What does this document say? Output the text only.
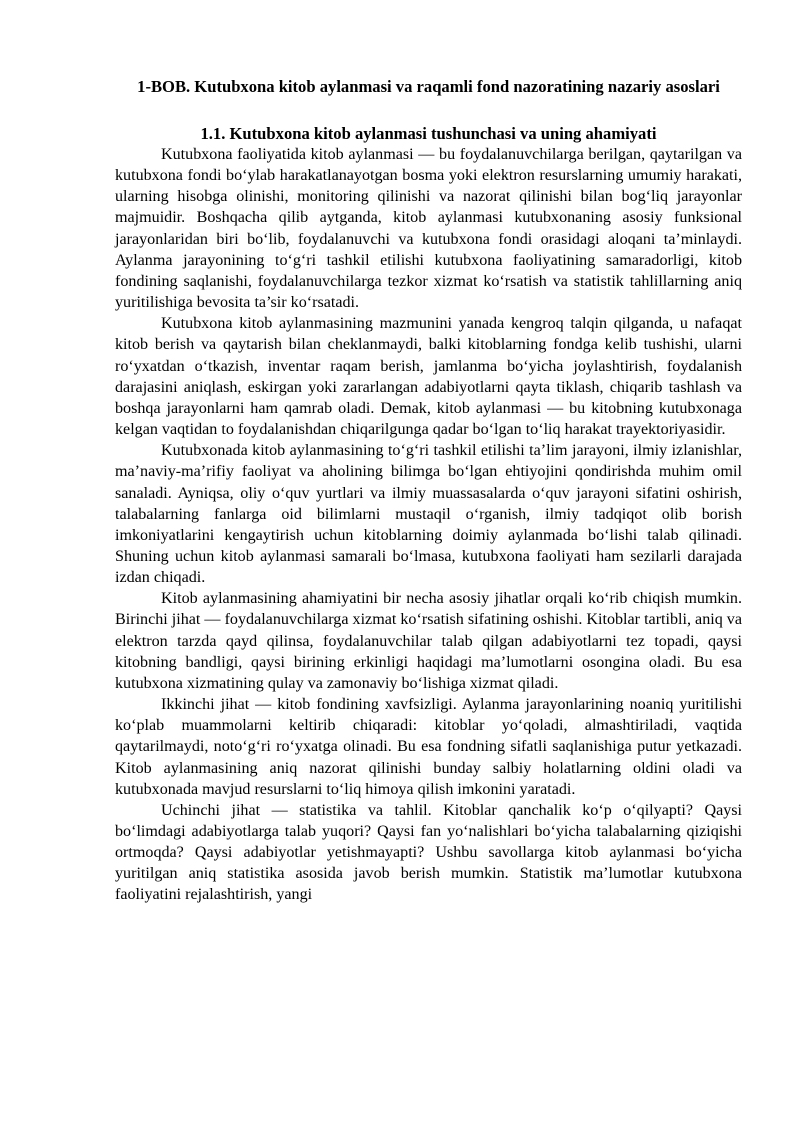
1-BOB. Kutubxona kitob aylanmasi va raqamli fond nazoratining nazariy asoslari
1.1. Kutubxona kitob aylanmasi tushunchasi va uning ahamiyati

Kutubxona faoliyatida kitob aylanmasi — bu foydalanuvchilarga berilgan, qaytarilgan va kutubxona fondi bo‘ylab harakatlanayotgan bosma yoki elektron resurslarning umumiy harakati, ularning hisobga olinishi, monitoring qilinishi va nazorat qilinishi bilan bog‘liq jarayonlar majmuidir. Boshqacha qilib aytganda, kitob aylanmasi kutubxonaning asosiy funksional jarayonlaridan biri bo‘lib, foydalanuvchi va kutubxona fondi orasidagi aloqani ta’minlaydi. Aylanma jarayonining to‘g‘ri tashkil etilishi kutubxona faoliyatining samaradorligi, kitob fondining saqlanishi, foydalanuvchilarga tezkor xizmat ko‘rsatish va statistik tahlillarning aniq yuritilishiga bevosita ta’sir ko‘rsatadi.

Kutubxona kitob aylanmasining mazmunini yanada kengroq talqin qilganda, u nafaqat kitob berish va qaytarish bilan cheklanmaydi, balki kitoblarning fondga kelib tushishi, ularni ro‘yxatdan o‘tkazish, inventar raqam berish, jamlanma bo‘yicha joylashtirish, foydalanish darajasini aniqlash, eskirgan yoki zararlangan adabiyotlarni qayta tiklash, chiqarib tashlash va boshqa jarayonlarni ham qamrab oladi. Demak, kitob aylanmasi — bu kitobning kutubxonaga kelgan vaqtidan to foydalanishdan chiqarilgunga qadar bo‘lgan to‘liq harakat trayektoriyasidir.

Kutubxonada kitob aylanmasining to‘g‘ri tashkil etilishi ta’lim jarayoni, ilmiy izlanishlar, ma’naviy-ma’rifiy faoliyat va aholining bilimga bo‘lgan ehtiyojini qondirishda muhim omil sanaladi. Ayniqsa, oliy o‘quv yurtlari va ilmiy muassasalarda o‘quv jarayoni sifatini oshirish, talabalarning fanlarga oid bilimlarni mustaqil o‘rganish, ilmiy tadqiqot olib borish imkoniyatlarini kengaytirish uchun kitoblarning doimiy aylanmada bo‘lishi talab qilinadi. Shuning uchun kitob aylanmasi samarali bo‘lmasa, kutubxona faoliyati ham sezilarli darajada izdan chiqadi.

Kitob aylanmasining ahamiyatini bir necha asosiy jihatlar orqali ko‘rib chiqish mumkin. Birinchi jihat — foydalanuvchilarga xizmat ko‘rsatish sifatining oshishi. Kitoblar tartibli, aniq va elektron tarzda qayd qilinsa, foydalanuvchilar talab qilgan adabiyotlarni tez topadi, qaysi kitobning bandligi, qaysi birining erkinligi haqidagi ma’lumotlarni osongina oladi. Bu esa kutubxona xizmatining qulay va zamonaviy bo‘lishiga xizmat qiladi.

Ikkinchi jihat — kitob fondining xavfsizligi. Aylanma jarayonlarining noaniq yuritilishi ko‘plab muammolarni keltirib chiqaradi: kitoblar yo‘qoladi, almashtiriladi, vaqtida qaytarilmaydi, noto‘g‘ri ro‘yxatga olinadi. Bu esa fondning sifatli saqlanishiga putur yetkazadi. Kitob aylanmasining aniq nazorat qilinishi bunday salbiy holatlarning oldini oladi va kutubxonada mavjud resurslarni to‘liq himoya qilish imkonini yaratadi.

Uchinchi jihat — statistika va tahlil. Kitoblar qanchalik ko‘p o‘qilyapti? Qaysi bo‘limdagi adabiyotlarga talab yuqori? Qaysi fan yo‘nalishlari bo‘yicha talabalarning qiziqishi ortmoqda? Qaysi adabiyotlar yetishmayapti? Ushbu savollarga kitob aylanmasi bo‘yicha yuritilgan aniq statistika asosida javob berish mumkin. Statistik ma’lumotlar kutubxona faoliyatini rejalashtirish, yangi
